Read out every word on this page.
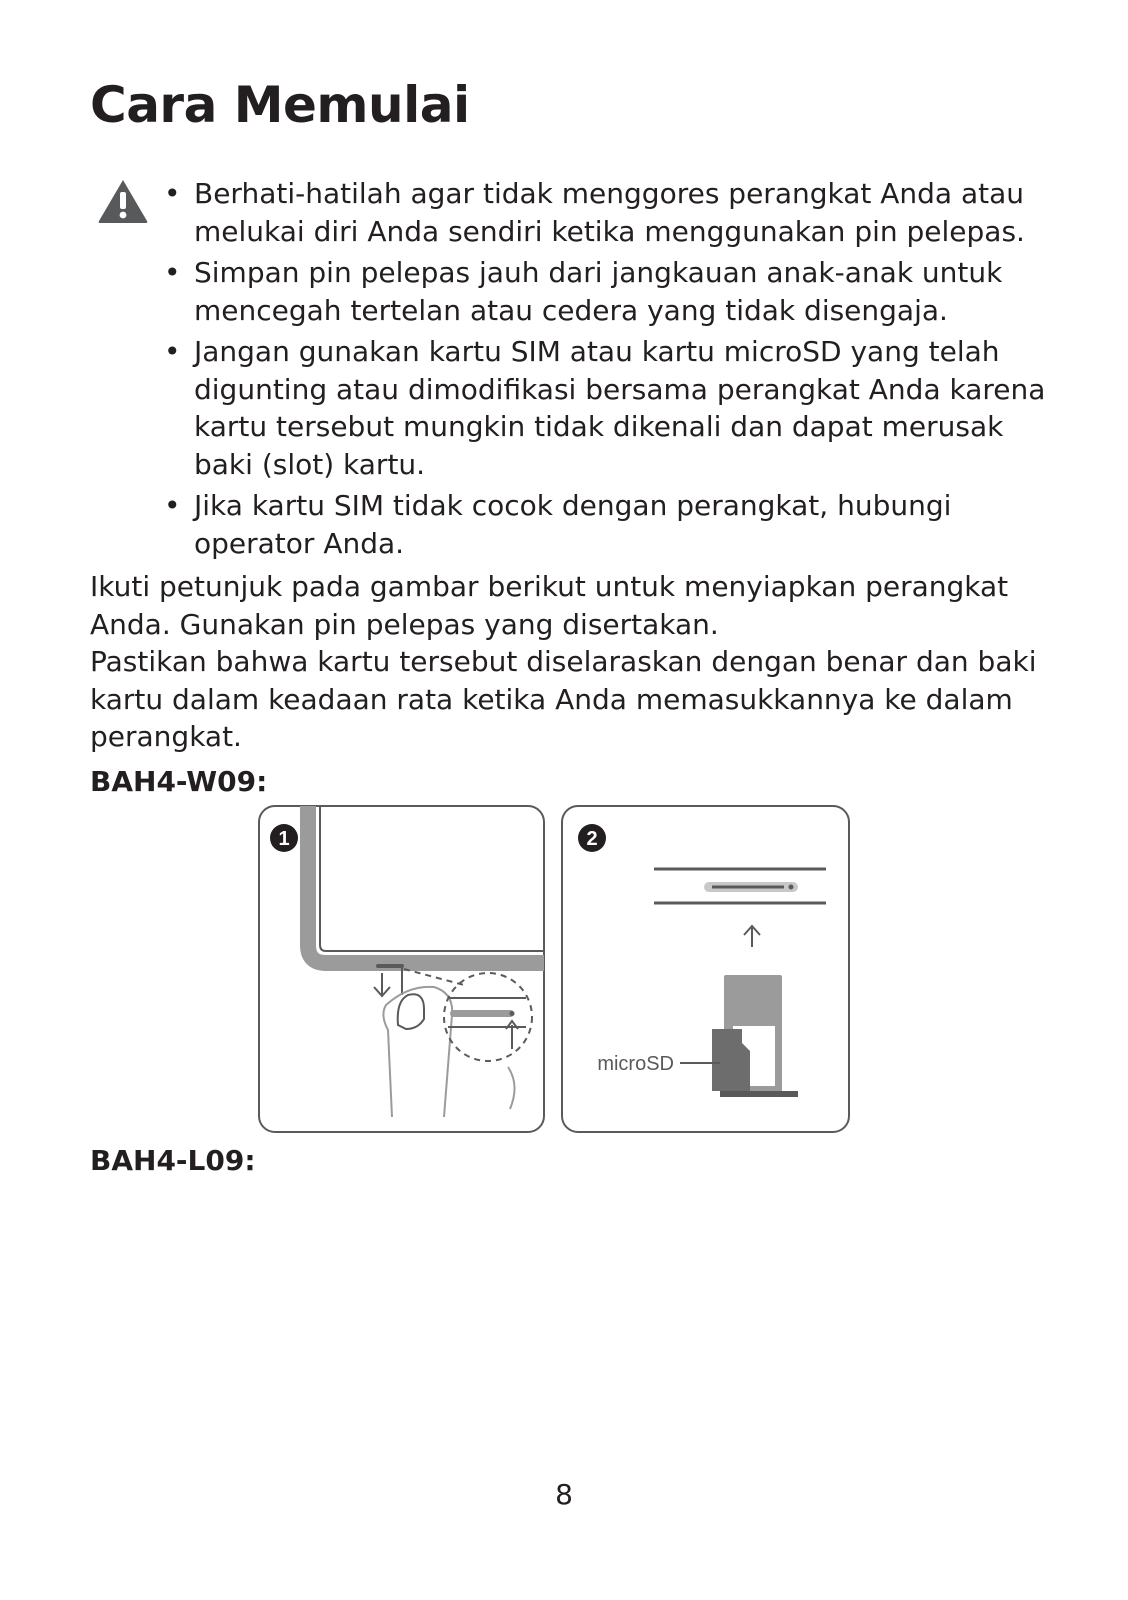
Cara Memulai
• Berhati-hatilah agar tidak menggores perangkat Anda atau melukai diri Anda sendiri ketika menggunakan pin pelepas.
• Simpan pin pelepas jauh dari jangkauan anak-anak untuk mencegah tertelan atau cedera yang tidak disengaja.
• Jangan gunakan kartu SIM atau kartu microSD yang telah digunting atau dimodifikasi bersama perangkat Anda karena kartu tersebut mungkin tidak dikenali dan dapat merusak baki (slot) kartu.
• Jika kartu SIM tidak cocok dengan perangkat, hubungi operator Anda.

Ikuti petunjuk pada gambar berikut untuk menyiapkan perangkat Anda. Gunakan pin pelepas yang disertakan.

Pastikan bahwa kartu tersebut diselaraskan dengan benar dan baki kartu dalam keadaan rata ketika Anda memasukkannya ke dalam perangkat.

BAH4-W09:

1	2
microSD

BAH4-L09:

8
